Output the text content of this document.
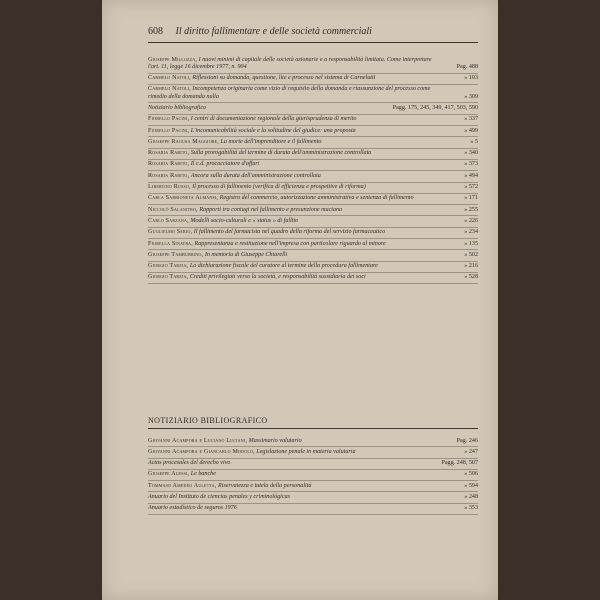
608 Il diritto fallimentare e delle società commerciali
Giuseppe Millozza, I nuovi minimi di capitale delle società azionarie e a responsabilità limitata. Come interpretare l'art. 11, legge 16 dicembre 1977, n. 904	Pag. 488
Carmelo Natoli, Riflessioni su domanda, questione, lite e processo nel sistema di Carnelutti	» 103
Carmelo Natoli, Incompetenza originaria come vizio di requisito della domanda e riassunzione del processo come rimedio della domanda nulla	» 309
Notiziario bibliografico	Pagg. 175, 245, 349, 417, 503, 590
Fiorello Pacini, I centri di documentazione regionale della giurisprudenza di merito	» 337
Fiorello Pacini, L'incomunicabilità sociale e la solitudine del giudice: una proposta	» 499
Giuseppe Ragusa Maggiore, La morte dell'imprenditore e il fallimento	» 5
Rosaria Rabito, Sulla prorogabilità del termine di durata dell'amministrazione controllata	» 340
Rosaria Rabito, Il c.d. procacciatore d'affari	» 373
Rosaria Rabito, Ancora sulla durata dell'amministrazione controllata	» 494
Libertino Russo, Il processo di fallimento (verifica di efficienza e prospettive di riforma)	» 572
Carla Sabbioneta Almansi, Registro del commercio, autorizzazione amministrativa e sentenza di fallimento	» 171
Niccolò Salanitro, Rapporti tra coniugi nel fallimento e presunzione muciana	» 255
Carlo Sarzana, Modelli socio-culturali e « status » di fallito	» 226
Guglielmo Serio, Il fallimento del farmacista nel quadro della riforma del servizio farmaceutico	» 234
Fiorella Sinatra, Rappresentanza e restituzione nell'impresa con particolare riguardo al minore	» 135
Giuseppe Tamburrino, In memoria di Giuseppe Chiarelli	» 502
Giorgio Tarzia, La dichiarazione fiscale del curatore al termine della procedura fallimentare	» 216
Giorgio Tarzia, Crediti privilegiati verso la società, e responsabilità sussidiaria dei soci	» 528
NOTIZIARIO BIBLIOGRAFICO
Giovanni Acampora e Luciano Luciani, Massimario valutario	Pag. 246
Giovanni Acampora e Giancarlo Modolo, Legislazione penale in materia valutaria	» 247
Actas procesales del derecho vivo	Pagg. 248, 507
Giuseppe Alessi, Le banche	» 506
Tommaso Amedeo Auletta, Riservatezza e tutela della personalità	» 594
Anuario del Instituto de ciencias penales y criminológicas	» 248
Anuario estadístico de seguros 1976	» 353
